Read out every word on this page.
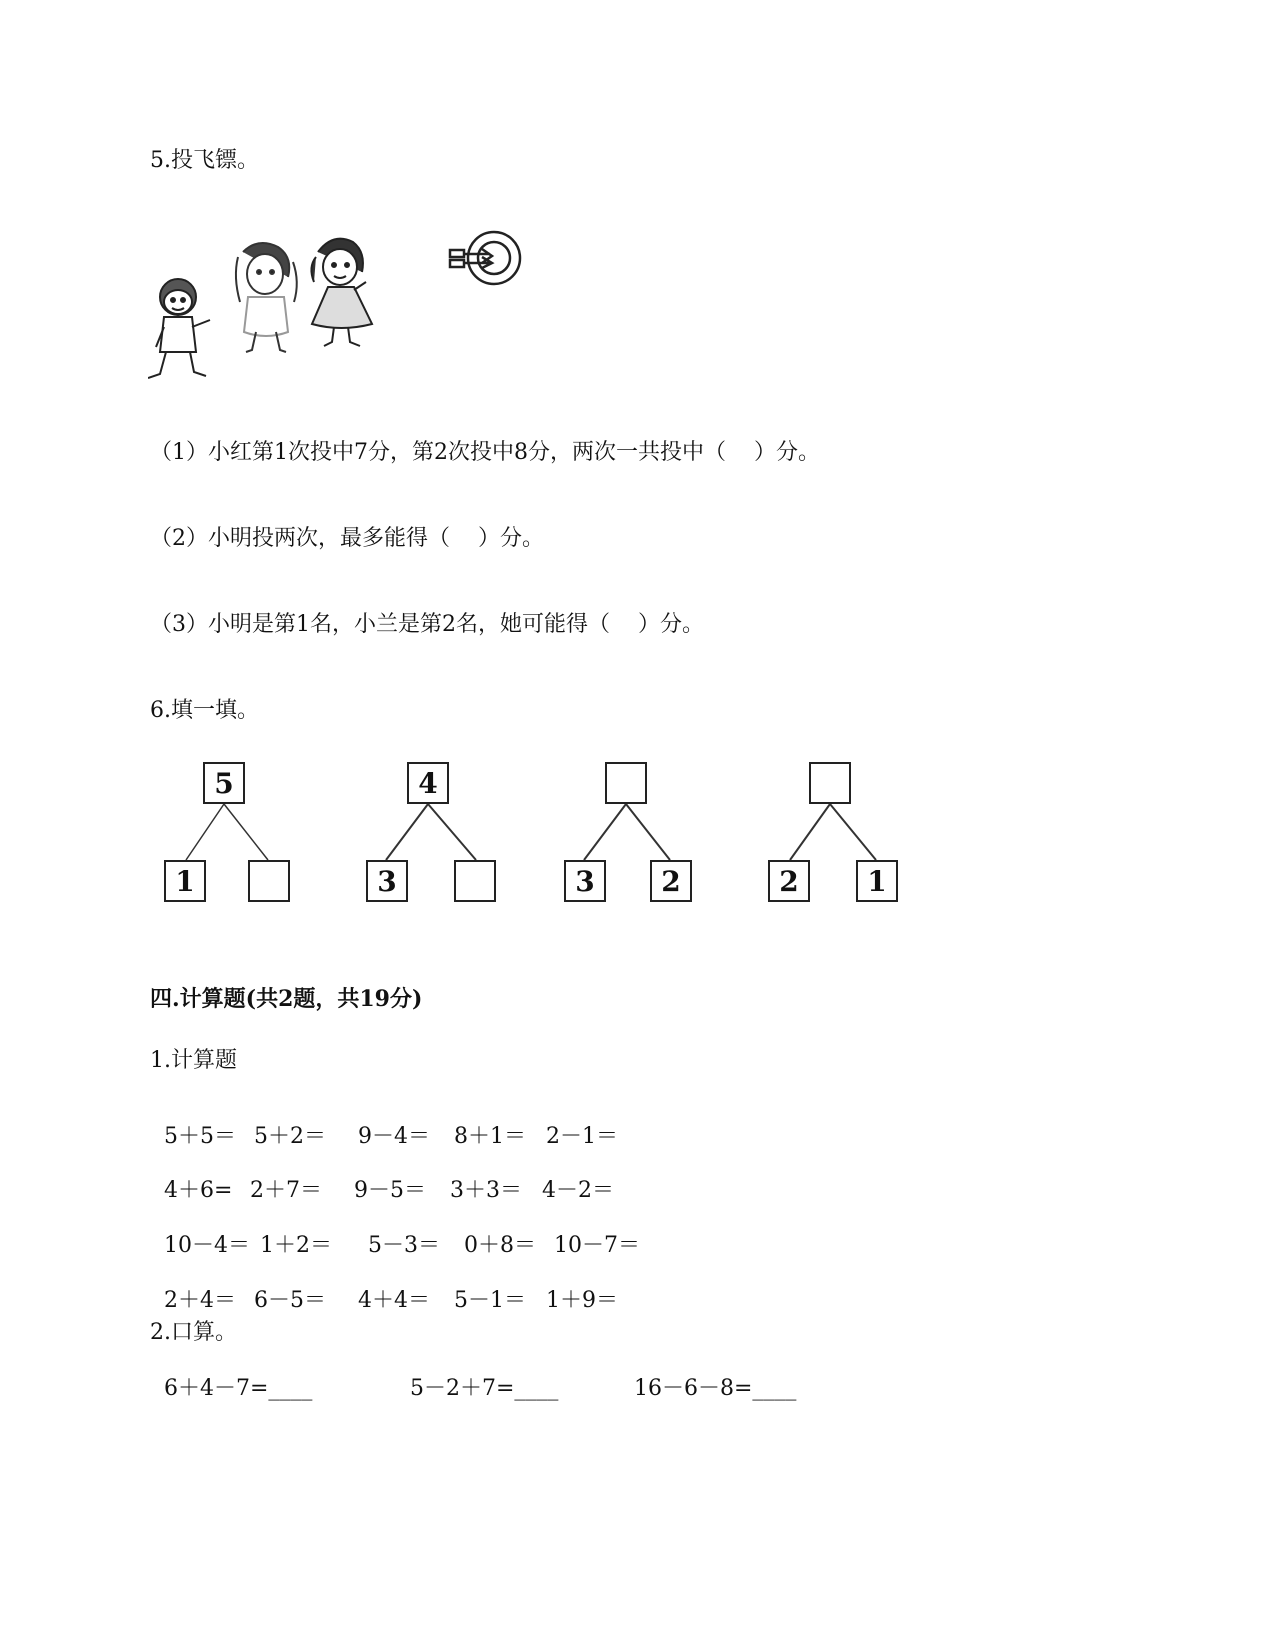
5.投飞镖。
（1）小红第1次投中7分，第2次投中8分，两次一共投中（    ）分。
（2）小明投两次，最多能得（    ）分。
（3）小明是第1名，小兰是第2名，她可能得（    ）分。
6.填一填。
5
1
4
3	3	2	2	1
四.计算题(共2题，共19分)
1.计算题

5＋5＝ 5＋2＝ 9－4＝ 8＋1＝ 2－1＝

4＋6= 2＋7＝ 9－5＝ 3＋3＝ 4－2＝

10－4＝ 1＋2＝ 5－3＝ 0＋8＝ 10－7＝

2＋4＝ 6－5＝ 4＋4＝ 5－1＝ 1＋9＝

2.口算。

6＋4－7=____	5－2＋7=____	16－6－8=____
